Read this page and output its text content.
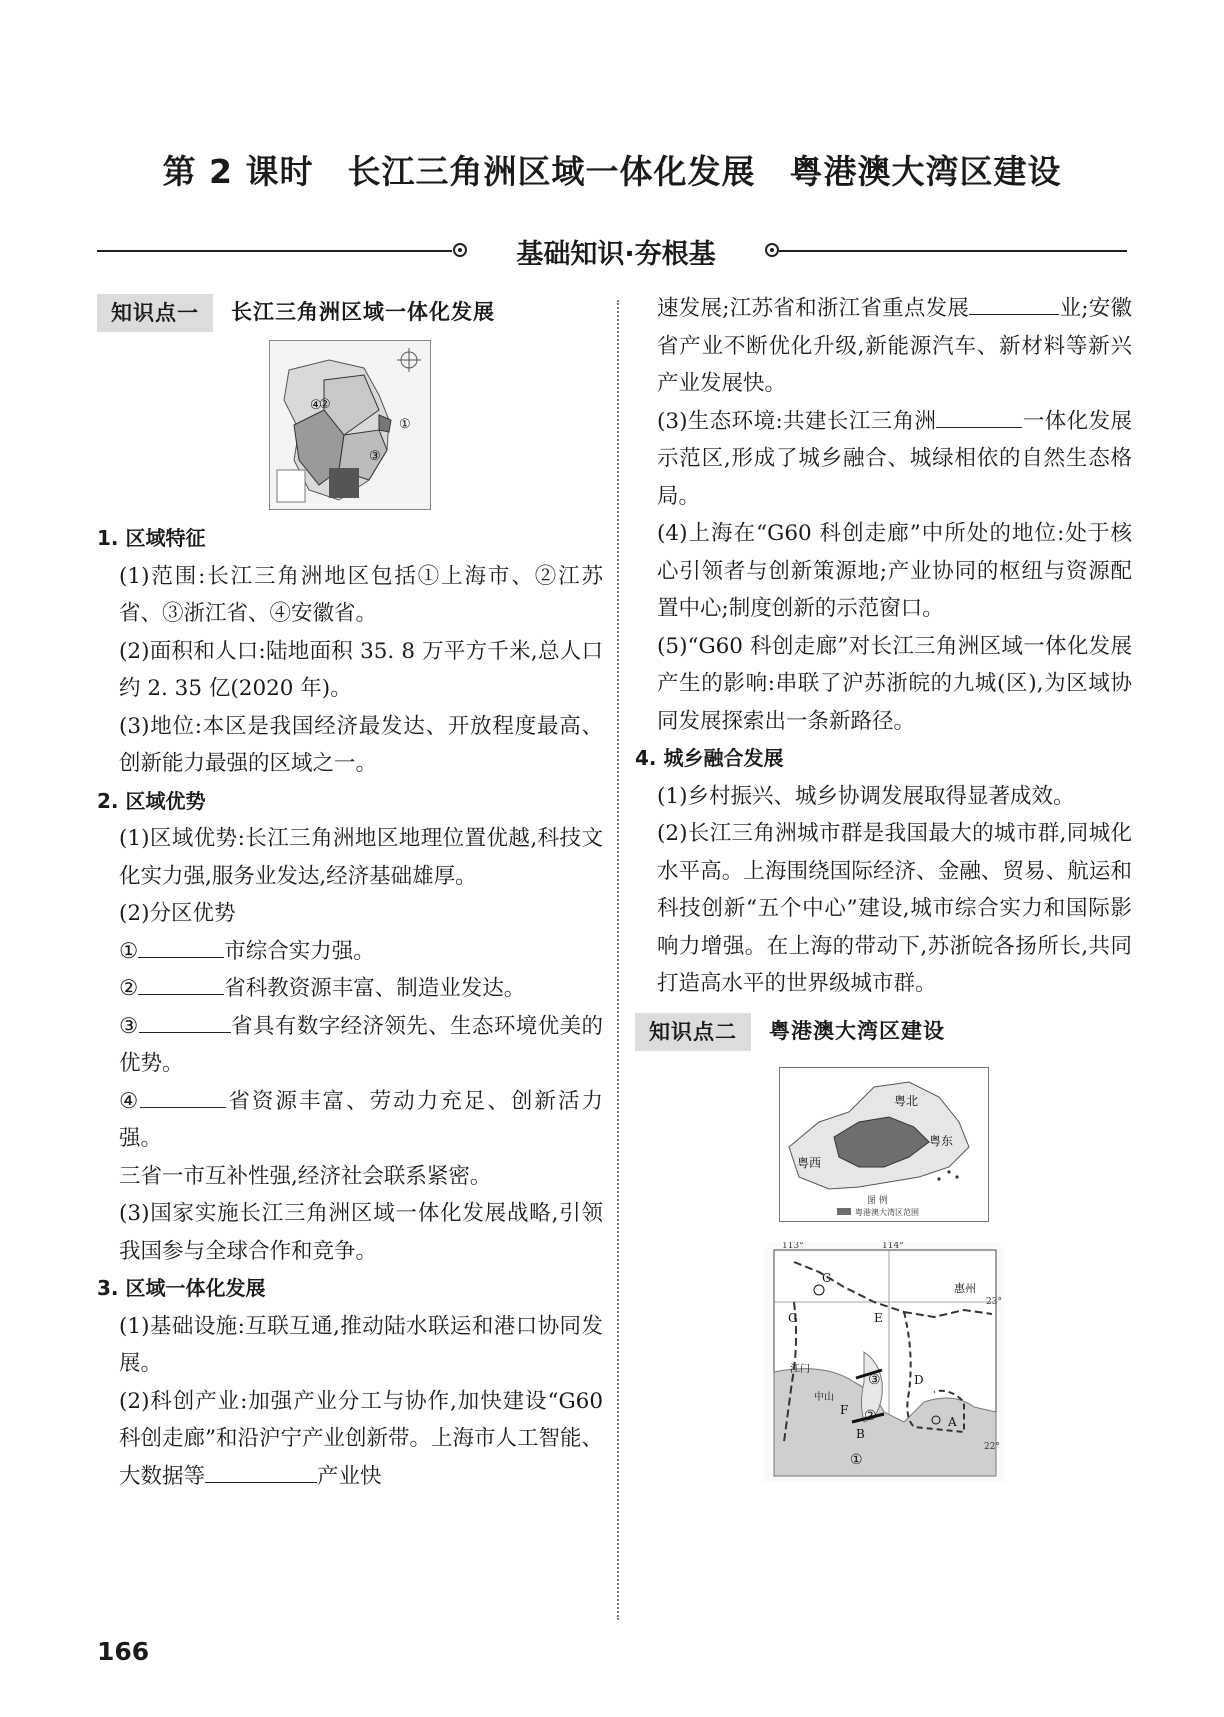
第 2 课时　长江三角洲区域一体化发展　粤港澳大湾区建设
基础知识·夯根基
知识点一	长江三角洲区域一体化发展
①
②
③
④
1. 区域特征
(1)范围:长江三角洲地区包括①上海市、②江苏省、③浙江省、④安徽省。
(2)面积和人口:陆地面积 35. 8 万平方千米,总人口约 2. 35 亿(2020 年)。
(3)地位:本区是我国经济最发达、开放程度最高、创新能力最强的区域之一。
2. 区域优势
(1)区域优势:长江三角洲地区地理位置优越,科技文化实力强,服务业发达,经济基础雄厚。
(2)分区优势
①	市综合实力强。
②	省科教资源丰富、制造业发达。
③	省具有数字经济领先、生态环境优美的优势。
④	省资源丰富、劳动力充足、创新活力强。
三省一市互补性强,经济社会联系紧密。
(3)国家实施长江三角洲区域一体化发展战略,引领我国参与全球合作和竞争。
3. 区域一体化发展
(1)基础设施:互联互通,推动陆水联运和港口协同发展。
(2)科创产业:加强产业分工与协作,加快建设“G60 科创走廊”和沿沪宁产业创新带。上海市人工智能、大数据等	产业快
速发展;江苏省和浙江省重点发展	业;安徽省产业不断优化升级,新能源汽车、新材料等新兴产业发展快。
(3)生态环境:共建长江三角洲	一体化发展示范区,形成了城乡融合、城绿相依的自然生态格局。
(4)上海在“G60 科创走廊”中所处的地位:处于核心引领者与创新策源地;产业协同的枢纽与资源配置中心;制度创新的示范窗口。
(5)“G60 科创走廊”对长江三角洲区域一体化发展产生的影响:串联了沪苏浙皖的九城(区),为区域协同发展探索出一条新路径。
4. 城乡融合发展
(1)乡村振兴、城乡协调发展取得显著成效。
(2)长江三角洲城市群是我国最大的城市群,同城化水平高。上海围绕国际经济、金融、贸易、航运和科技创新“五个中心”建设,城市综合实力和国际影响力增强。在上海的带动下,苏浙皖各扬所长,共同打造高水平的世界级城市群。
知识点二	粤港澳大湾区建设
粤北
粤东
粤西
图 例
粤港澳大湾区范围
113°	114°
23°
22°
惠州
江门
中山
A
B
C
D
E
F
G
①
②
③
166
